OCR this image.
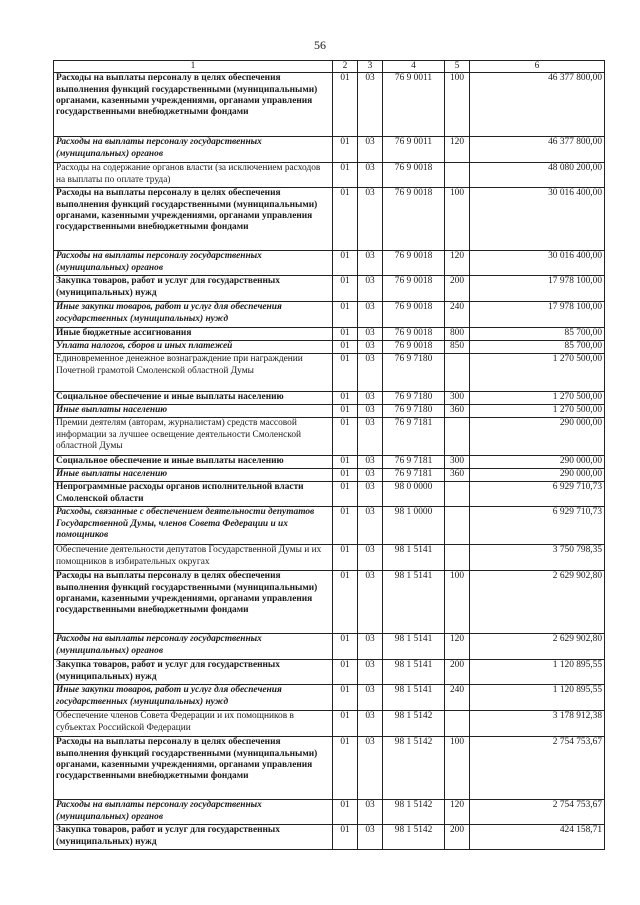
56
1	2	3	4	5	6
Расходы на выплаты персоналу в целях обеспечения выполнения функций государственными (муниципальными) органами, казенными учреждениями, органами управления государственными внебюджетными фондами	01	03	76 9 0011	100	46 377 800,00
Расходы на выплаты персоналу государственных (муниципальных) органов	01	03	76 9 0011	120	46 377 800,00
Расходы на содержание органов власти (за исключением расходов на выплаты по оплате труда)	01	03	76 9 0018		48 080 200,00
Расходы на выплаты персоналу в целях обеспечения выполнения функций государственными (муниципальными) органами, казенными учреждениями, органами управления государственными внебюджетными фондами	01	03	76 9 0018	100	30 016 400,00
Расходы на выплаты персоналу государственных (муниципальных) органов	01	03	76 9 0018	120	30 016 400,00
Закупка товаров, работ и услуг для государственных (муниципальных) нужд	01	03	76 9 0018	200	17 978 100,00
Иные закупки товаров, работ и услуг для обеспечения государственных (муниципальных) нужд	01	03	76 9 0018	240	17 978 100,00
Иные бюджетные ассигнования	01	03	76 9 0018	800	85 700,00
Уплата налогов, сборов и иных платежей	01	03	76 9 0018	850	85 700,00
Единовременное денежное вознаграждение при награждении Почетной грамотой Смоленской областной Думы	01	03	76 9 7180		1 270 500,00
Социальное обеспечение и иные выплаты населению	01	03	76 9 7180	300	1 270 500,00
Иные выплаты населению	01	03	76 9 7180	360	1 270 500,00
Премии деятелям (авторам, журналистам) средств массовой информации за лучшее освещение деятельности Смоленской областной Думы	01	03	76 9 7181		290 000,00
Социальное обеспечение и иные выплаты населению	01	03	76 9 7181	300	290 000,00
Иные выплаты населению	01	03	76 9 7181	360	290 000,00
Непрограммные расходы органов исполнительной власти Смоленской области	01	03	98 0 0000		6 929 710,73
Расходы, связанные с обеспечением деятельности депутатов Государственной Думы, членов Совета Федерации и их помощников	01	03	98 1 0000		6 929 710,73
Обеспечение деятельности депутатов Государственной Думы и их помощников в избирательных округах	01	03	98 1 5141		3 750 798,35
Расходы на выплаты персоналу в целях обеспечения выполнения функций государственными (муниципальными) органами, казенными учреждениями, органами управления государственными внебюджетными фондами	01	03	98 1 5141	100	2 629 902,80
Расходы на выплаты персоналу государственных (муниципальных) органов	01	03	98 1 5141	120	2 629 902,80
Закупка товаров, работ и услуг для государственных (муниципальных) нужд	01	03	98 1 5141	200	1 120 895,55
Иные закупки товаров, работ и услуг для обеспечения государственных (муниципальных) нужд	01	03	98 1 5141	240	1 120 895,55
Обеспечение членов Совета Федерации и их помощников в субъектах Российской Федерации	01	03	98 1 5142		3 178 912,38
Расходы на выплаты персоналу в целях обеспечения выполнения функций государственными (муниципальными) органами, казенными учреждениями, органами управления государственными внебюджетными фондами	01	03	98 1 5142	100	2 754 753,67
Расходы на выплаты персоналу государственных (муниципальных) органов	01	03	98 1 5142	120	2 754 753,67
Закупка товаров, работ и услуг для государственных (муниципальных) нужд	01	03	98 1 5142	200	424 158,71
